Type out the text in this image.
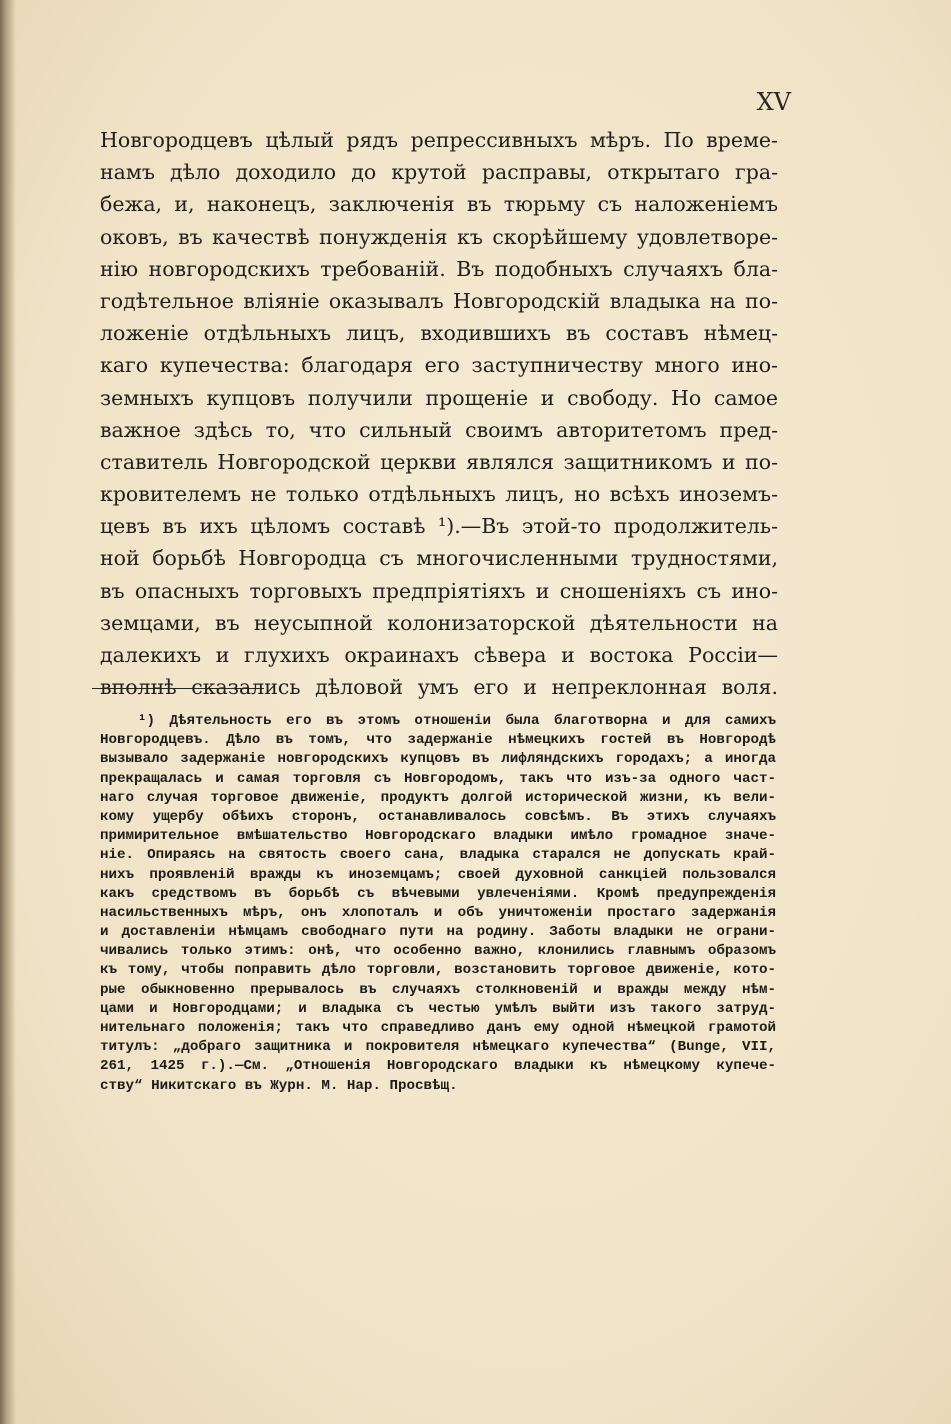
XV
Новгородцевъ цѣлый рядъ репрессивныхъ мѣръ. По време-
намъ дѣло доходило до крутой расправы, открытаго гра-
бежа, и, наконецъ, заключенія въ тюрьму съ наложеніемъ
оковъ, въ качествѣ понужденія къ скорѣйшему удовлетворе-
нію новгородскихъ требованій. Въ подобныхъ случаяхъ бла-
годѣтельное вліяніе оказывалъ Новгородскій владыка на по-
ложеніе отдѣльныхъ лицъ, входившихъ въ составъ нѣмец-
каго купечества: благодаря его заступничеству много ино-
земныхъ купцовъ получили прощеніе и свободу. Но самое
важное здѣсь то, что сильный своимъ авторитетомъ пред-
ставитель Новгородской церкви являлся защитникомъ и по-
кровителемъ не только отдѣльныхъ лицъ, но всѣхъ иноземъ-
цевъ въ ихъ цѣломъ составѣ ¹).—Въ этой-то продолжитель-
ной борьбѣ Новгородца съ многочисленными трудностями,
въ опасныхъ торговыхъ предпріятіяхъ и сношеніяхъ съ ино-
земцами, въ неусыпной колонизаторской дѣятельности на
далекихъ и глухихъ окраинахъ сѣвера и востока Россіи—
вполнѣ сказались дѣловой умъ его и непреклонная воля.
¹) Дѣятельность его въ этомъ отношеніи была благотворна и для самихъ
Новгородцевъ. Дѣло въ томъ, что задержаніе нѣмецкихъ гостей въ Новгородѣ
вызывало задержаніе новгородскихъ купцовъ въ лифляндскихъ городахъ; а иногда
прекращалась и самая торговля съ Новгородомъ, такъ что изъ-за одного част-
наго случая торговое движеніе, продуктъ долгой исторической жизни, къ вели-
кому ущербу обѣихъ сторонъ, останавливалось совсѣмъ. Въ этихъ случаяхъ
примирительное вмѣшательство Новгородскаго владыки имѣло громадное значе-
ніе. Опираясь на святость своего сана, владыка старался не допускать край-
нихъ проявленій вражды къ иноземцамъ; своей духовной санкціей пользовался
какъ средствомъ въ борьбѣ съ вѣчевыми увлеченіями. Кромѣ предупрежденія
насильственныхъ мѣръ, онъ хлопоталъ и объ уничтоженіи простаго задержанія
и доставленіи нѣмцамъ свободнаго пути на родину. Заботы владыки не ограни-
чивались только этимъ: онѣ, что особенно важно, клонились главнымъ образомъ
къ тому, чтобы поправить дѣло торговли, возстановить торговое движеніе, кото-
рые обыкновенно прерывалось въ случаяхъ столкновеній и вражды между нѣм-
цами и Новгородцами; и владыка съ честью умѣлъ выйти изъ такого затруд-
нительнаго положенія; такъ что справедливо данъ ему одной нѣмецкой грамотой
титулъ: „добраго защитника и покровителя нѣмецкаго купечества“ (Bunge, VII,
261, 1425 г.).—См. „Отношенія Новгородскаго владыки къ нѣмецкому купече-
ству“ Никитскаго въ Журн. М. Нар. Просвѣщ.
